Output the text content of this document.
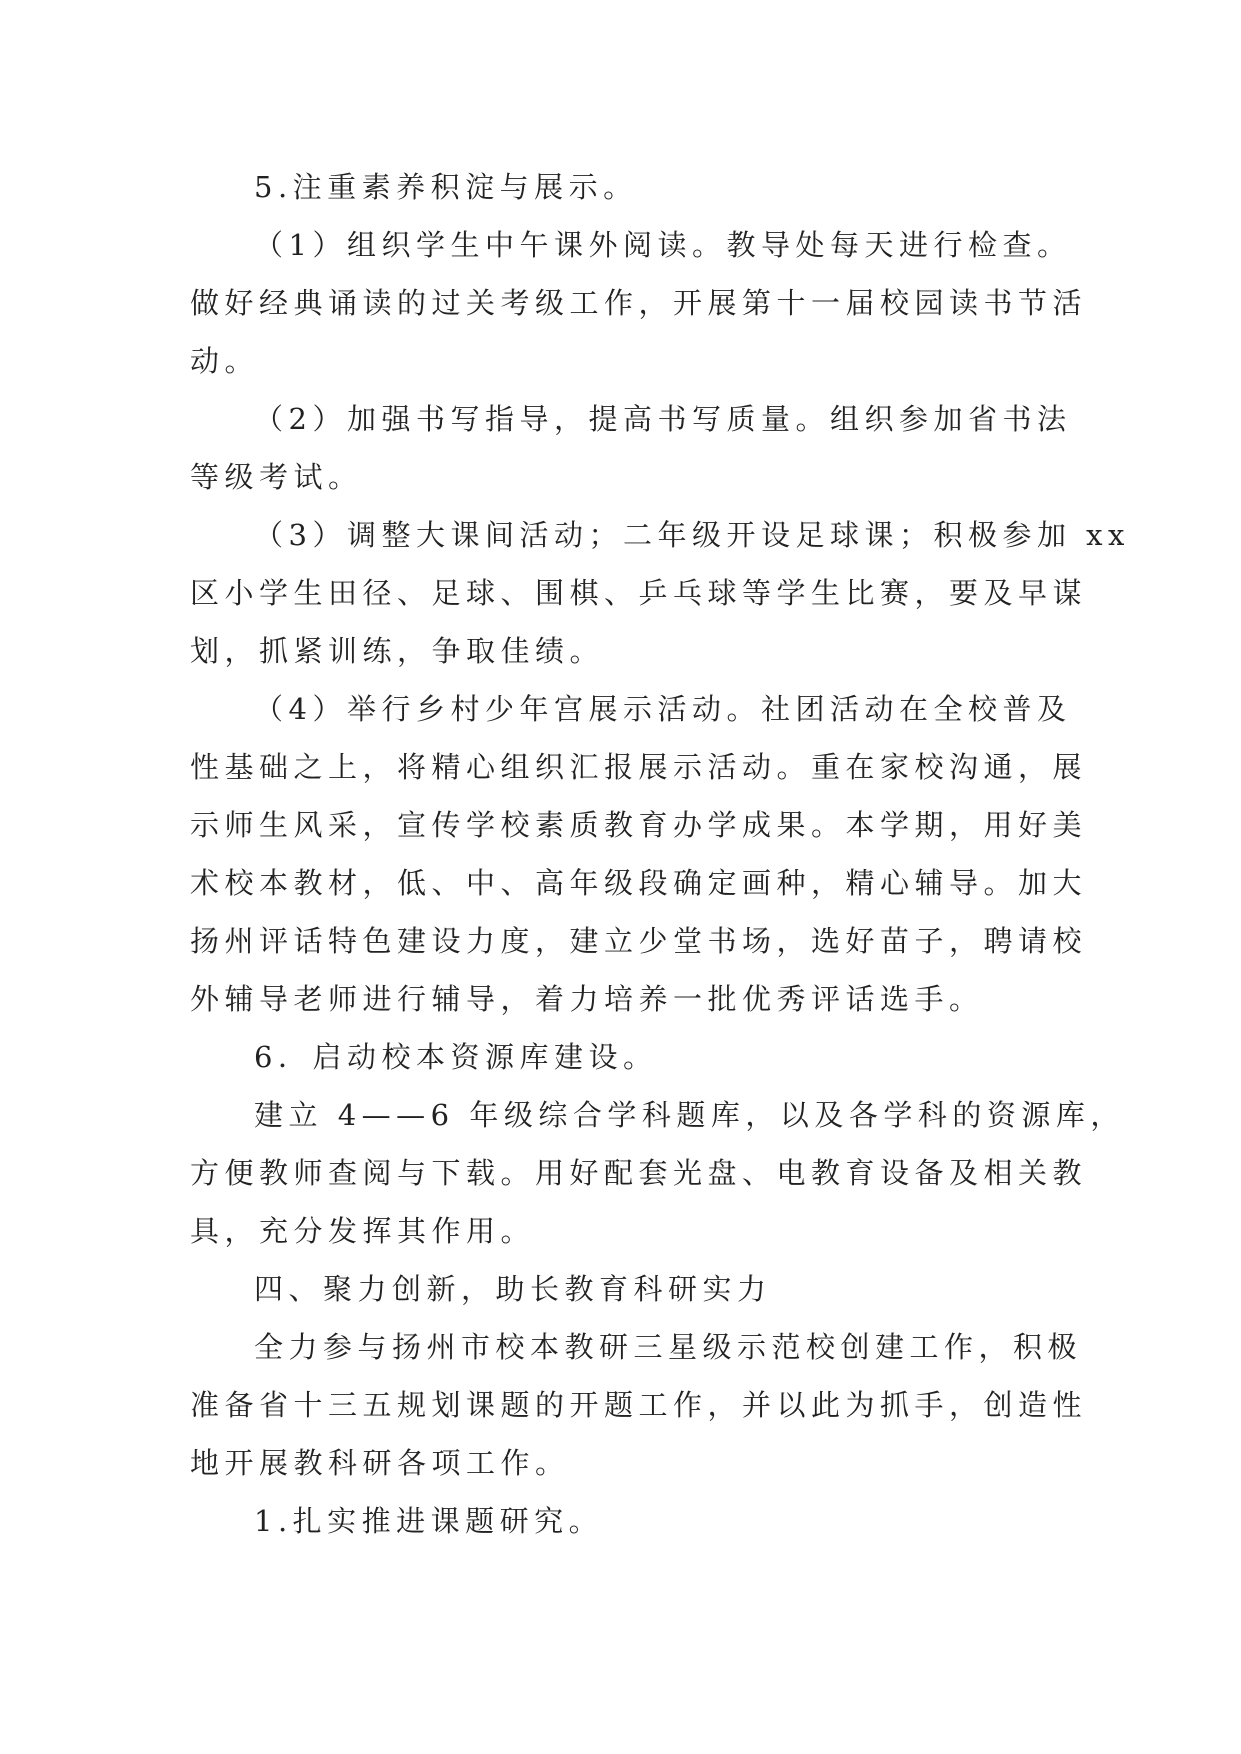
5.注重素养积淀与展示。
（1）组织学生中午课外阅读。教导处每天进行检查。
做好经典诵读的过关考级工作，开展第十一届校园读书节活
动。
（2）加强书写指导，提高书写质量。组织参加省书法
等级考试。
（3）调整大课间活动；二年级开设足球课；积极参加 xx
区小学生田径、足球、围棋、乒乓球等学生比赛，要及早谋
划，抓紧训练，争取佳绩。
（4）举行乡村少年宫展示活动。社团活动在全校普及
性基础之上，将精心组织汇报展示活动。重在家校沟通，展
示师生风采，宣传学校素质教育办学成果。本学期，用好美
术校本教材，低、中、高年级段确定画种，精心辅导。加大
扬州评话特色建设力度，建立少堂书场，选好苗子，聘请校
外辅导老师进行辅导，着力培养一批优秀评话选手。
6．启动校本资源库建设。
建立 4——6 年级综合学科题库，以及各学科的资源库，
方便教师查阅与下载。用好配套光盘、电教育设备及相关教
具，充分发挥其作用。
四、聚力创新，助长教育科研实力
全力参与扬州市校本教研三星级示范校创建工作，积极
准备省十三五规划课题的开题工作，并以此为抓手，创造性
地开展教科研各项工作。
1.扎实推进课题研究。
